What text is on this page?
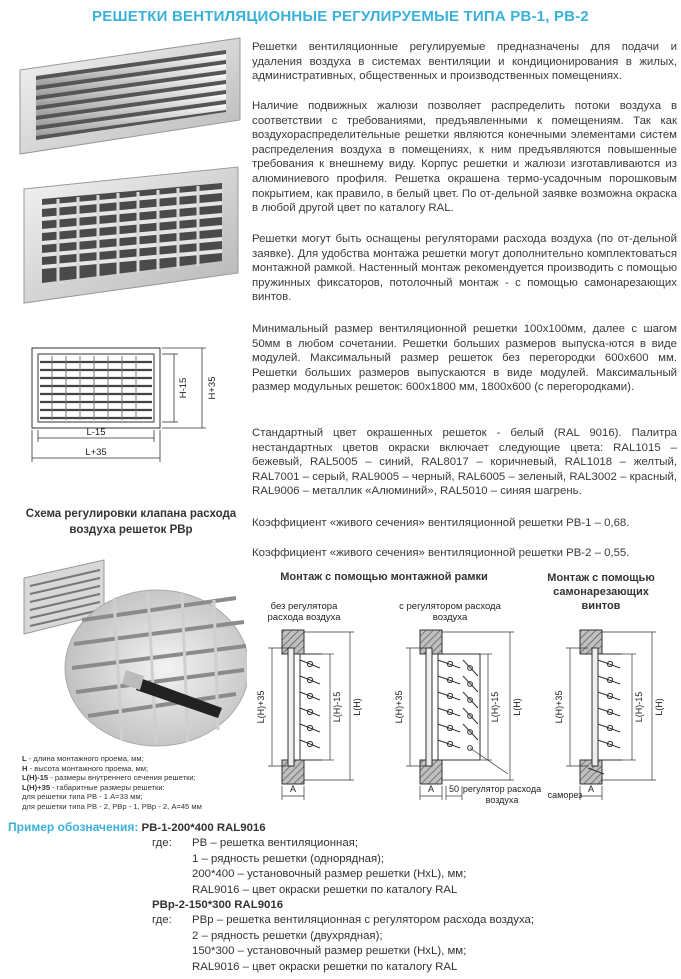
РЕШЕТКИ ВЕНТИЛЯЦИОННЫЕ РЕГУЛИРУЕМЫЕ ТИПА РВ-1, РВ-2
H-15 H+35
L-15
L+35
Схема регулировки клапана расхода воздуха решеток РВр
L - длина монтажного проема, мм;
H - высота монтажного проема, мм;
L(H)-15 - размеры внутреннего сечения решетки;
L(H)+35 - габаритные размеры решетки:
для решетки типа РВ - 1 А=33 мм;
для решетки типа РВ - 2, РВр - 1, РВр - 2, А=45 мм
Решетки вентиляционные регулируемые предназначены для подачи и удаления воздуха в системах вентиляции и кондиционирования в жилых, административных, общественных и производственных помещениях.
Наличие подвижных жалюзи позволяет распределить потоки воздуха в соответствии с требованиями, предъявленными к помещениям. Так как воздухораспределительные решетки являются конечными элементами систем распределения воздуха в помещениях, к ним предъявляются повышенные требования к внешнему виду. Корпус решетки и жалюзи изготавливаются из алюминиевого профиля. Решетка окрашена термо-усадочным порошковым покрытием, как правило, в белый цвет. По от-дельной заявке возможна окраска в любой другой цвет по каталогу RAL.
Решетки могут быть оснащены регуляторами расхода воздуха (по от-дельной заявке). Для удобства монтажа решетки могут дополнительно комплектоваться монтажной рамкой. Настенный монтаж рекомендуется производить с помощью пружинных фиксаторов, потолочный монтаж - с помощью самонарезающих винтов.
Минимальный размер вентиляционной решетки 100х100мм, далее с шагом 50мм в любом сочетании. Решетки больших размеров выпуска-ются в виде модулей. Максимальный размер решеток без перегородки 600х600 мм. Решетки больших размеров выпускаются в виде модулей. Максимальный размер модульных решеток: 600х1800 мм, 1800х600 (с перегородками).
Стандартный цвет окрашенных решеток - белый (RAL 9016). Палитра нестандартных цветов окраски включает следующие цвета: RAL1015 – бежевый, RAL5005 – синий, RAL8017 – коричневый, RAL1018 – желтый, RAL7001 – серый, RAL9005 – черный, RAL6005 – зеленый, RAL3002 – красный, RAL9006 – металлик «Алюминий», RAL5010 – синяя шагрень.
Коэффициент «живого сечения» вентиляционной решетки РВ-1 – 0,68.
Коэффициент «живого сечения» вентиляционной решетки РВ-2 – 0,55.
Монтаж с помощью монтажной рамки	Монтаж с помощью самонарезающих винтов
без регулятора расхода воздуха
с регулятором расхода воздуха
L(H)+35	L(H)-15 L(H)
A
L(H)+35	L(H)-15 L(H)
A 50
L(H)+35	L(H)-15 L(H)
A
регулятор расхода воздуха	саморез
Пример обозначения: РВ-1-200*400 RAL9016
где:	РВ – решетка вентиляционная;
1 – рядность решетки (однорядная);
200*400 – установочный размер решетки (НхL), мм;
RAL9016 – цвет окраски решетки по каталогу RAL
РВр-2-150*300 RAL9016
где:	РВр – решетка вентиляционная с регулятором расхода воздуха;
2 – рядность решетки (двухрядная);
150*300 – установочный размер решетки (НхL), мм;
RAL9016 – цвет окраски решетки по каталогу RAL
